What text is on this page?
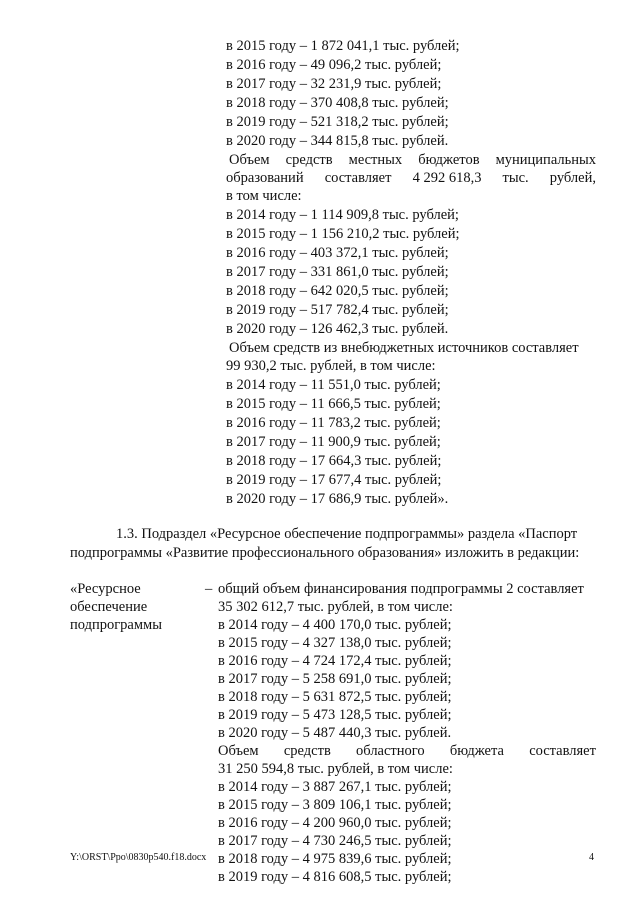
в 2015 году – 1 872 041,1 тыс. рублей;
в 2016 году – 49 096,2 тыс. рублей;
в 2017 году – 32 231,9 тыс. рублей;
в 2018 году – 370 408,8 тыс. рублей;
в 2019 году – 521 318,2 тыс. рублей;
в 2020 году – 344 815,8 тыс. рублей.
Объем средств местных бюджетов муниципальных
образований составляет 4 292 618,3 тыс. рублей,
в том числе:
в 2014 году – 1 114 909,8 тыс. рублей;
в 2015 году – 1 156 210,2 тыс. рублей;
в 2016 году – 403 372,1 тыс. рублей;
в 2017 году – 331 861,0 тыс. рублей;
в 2018 году – 642 020,5 тыс. рублей;
в 2019 году – 517 782,4 тыс. рублей;
в 2020 году – 126 462,3 тыс. рублей.
Объем средств из внебюджетных источников составляет
99 930,2 тыс. рублей, в том числе:
в 2014 году – 11 551,0 тыс. рублей;
в 2015 году – 11 666,5 тыс. рублей;
в 2016 году – 11 783,2 тыс. рублей;
в 2017 году – 11 900,9 тыс. рублей;
в 2018 году – 17 664,3 тыс. рублей;
в 2019 году – 17 677,4 тыс. рублей;
в 2020 году – 17 686,9 тыс. рублей».
1.3. Подраздел «Ресурсное обеспечение подпрограммы» раздела «Паспорт
подпрограммы «Развитие профессионального образования» изложить в редакции:
«Ресурсное
обеспечение
подпрограммы
– общий объем финансирования подпрограммы 2 составляет
35 302 612,7 тыс. рублей, в том числе:
в 2014 году – 4 400 170,0 тыс. рублей;
в 2015 году – 4 327 138,0 тыс. рублей;
в 2016 году – 4 724 172,4 тыс. рублей;
в 2017 году – 5 258 691,0 тыс. рублей;
в 2018 году – 5 631 872,5 тыс. рублей;
в 2019 году – 5 473 128,5 тыс. рублей;
в 2020 году – 5 487 440,3 тыс. рублей.
Объем средств областного бюджета составляет
31 250 594,8 тыс. рублей, в том числе:
в 2014 году – 3 887 267,1 тыс. рублей;
в 2015 году – 3 809 106,1 тыс. рублей;
в 2016 году – 4 200 960,0 тыс. рублей;
в 2017 году – 4 730 246,5 тыс. рублей;
в 2018 году – 4 975 839,6 тыс. рублей;
в 2019 году – 4 816 608,5 тыс. рублей;
Y:\ORST\Ppo\0830p540.f18.docx	4
